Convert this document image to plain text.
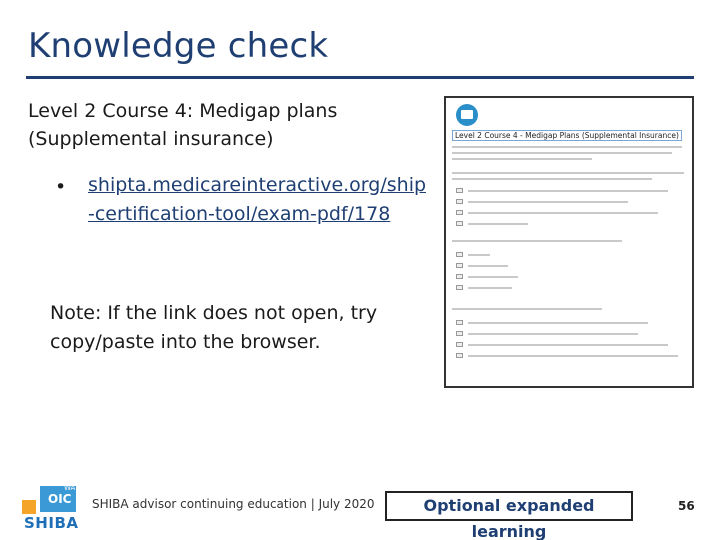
Knowledge check
Level 2 Course 4: Medigap plans (Supplemental insurance)
• shipta.medicareinteractive.org/ship-certification-tool/exam-pdf/178
Note: If the link does not open, try copy/paste into the browser.
Level 2 Course 4 - Medigap Plans (Supplemental Insurance)
WA
OIC
SHIBA
SHIBA advisor continuing education | July 2020	Optional expanded learning
56
